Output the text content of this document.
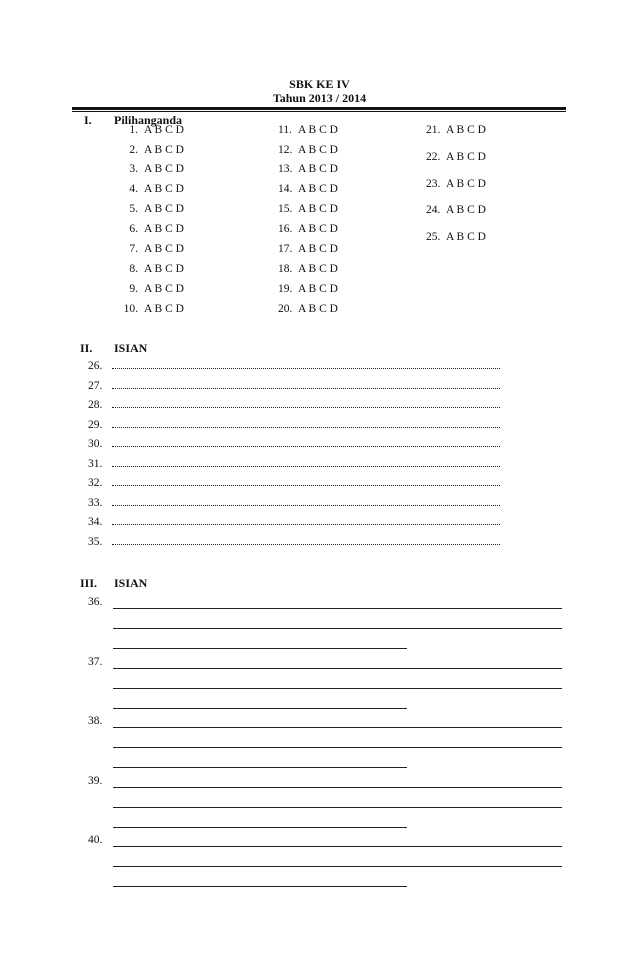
SBK KE IV
Tahun 2013 / 2014
I. Pilihanganda
1. A B C D
2. A B C D
3. A B C D
4. A B C D
5. A B C D
6. A B C D
7. A B C D
8. A B C D
9. A B C D
10. A B C D
11. A B C D
12. A B C D
13. A B C D
14. A B C D
15. A B C D
16. A B C D
17. A B C D
18. A B C D
19. A B C D
20. A B C D
21. A B C D
22. A B C D
23. A B C D
24. A B C D
25. A B C D
II. ISIAN
26.
27.
28.
29.
30.
31.
32.
33.
34.
35.
III. ISIAN
36.
37.
38.
39.
40.
